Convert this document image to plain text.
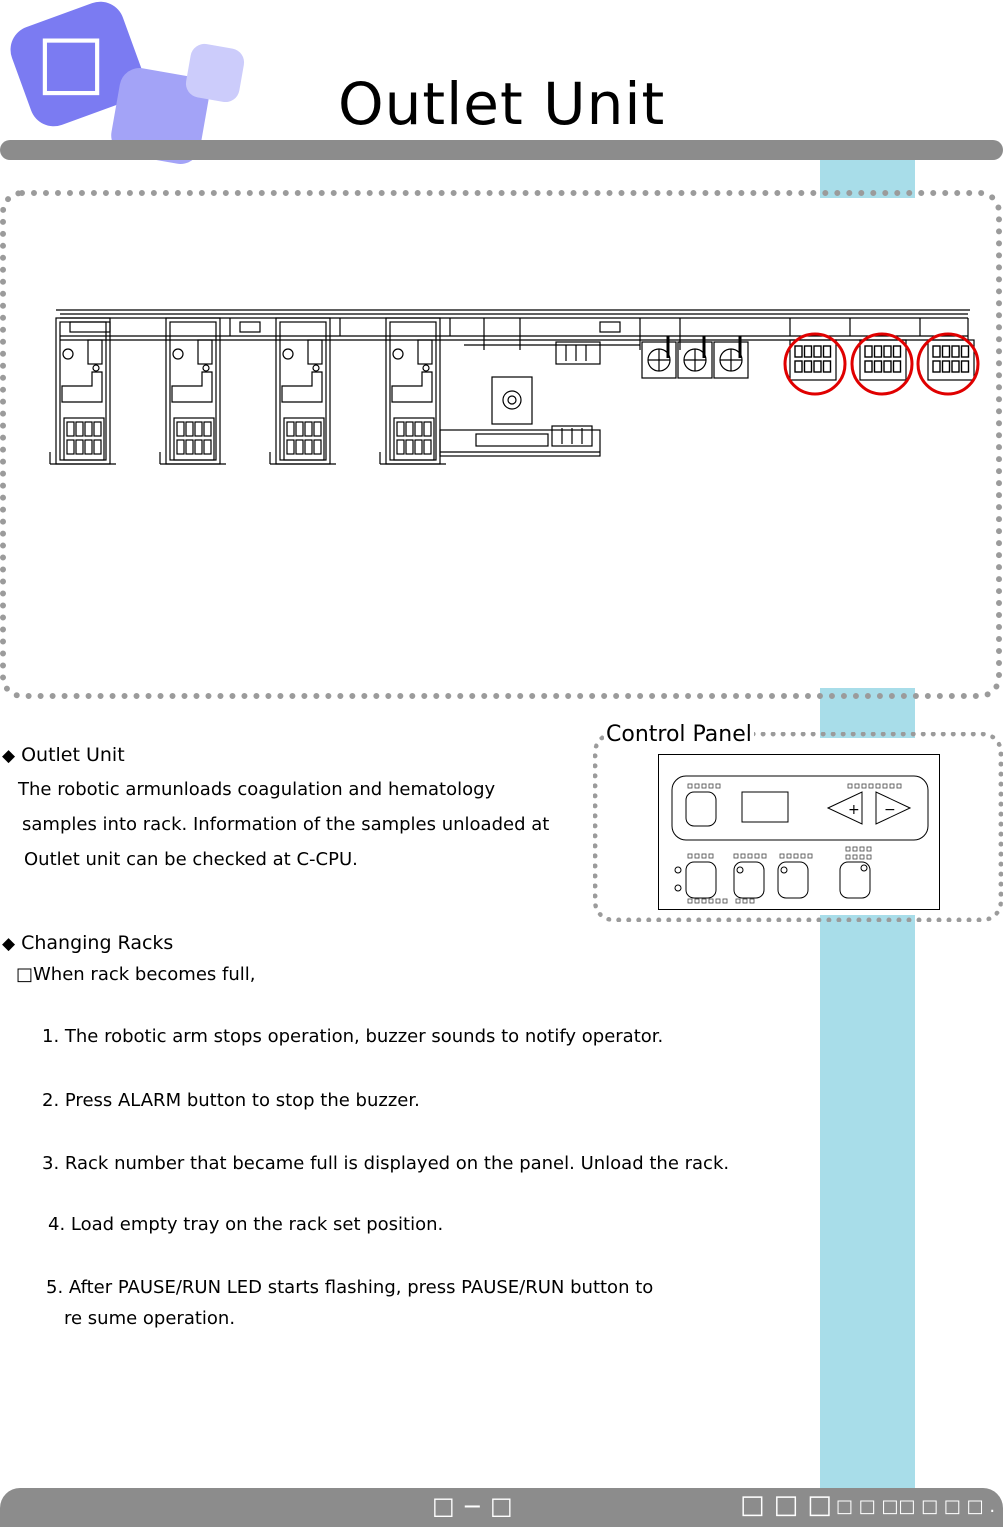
□	Outlet Unit
Control Panel
+ −
◆ Outlet Unit
The robotic armunloads coagulation and hematology
samples into rack. Information of the samples unloaded at
Outlet unit can be checked at C-CPU.
◆ Changing Racks
□When rack becomes full,
1. The robotic arm stops operation, buzzer sounds to notify operator.
2. Press ALARM button to stop the buzzer.
3. Rack number that became full is displayed on the panel. Unload the rack.
4. Load empty tray on the rack set position.
5. After PAUSE/RUN LED starts flashing, press PAUSE/RUN button to
re sume operation.
□ − □	□ □ □ □ □ □□ □ □ □ .
